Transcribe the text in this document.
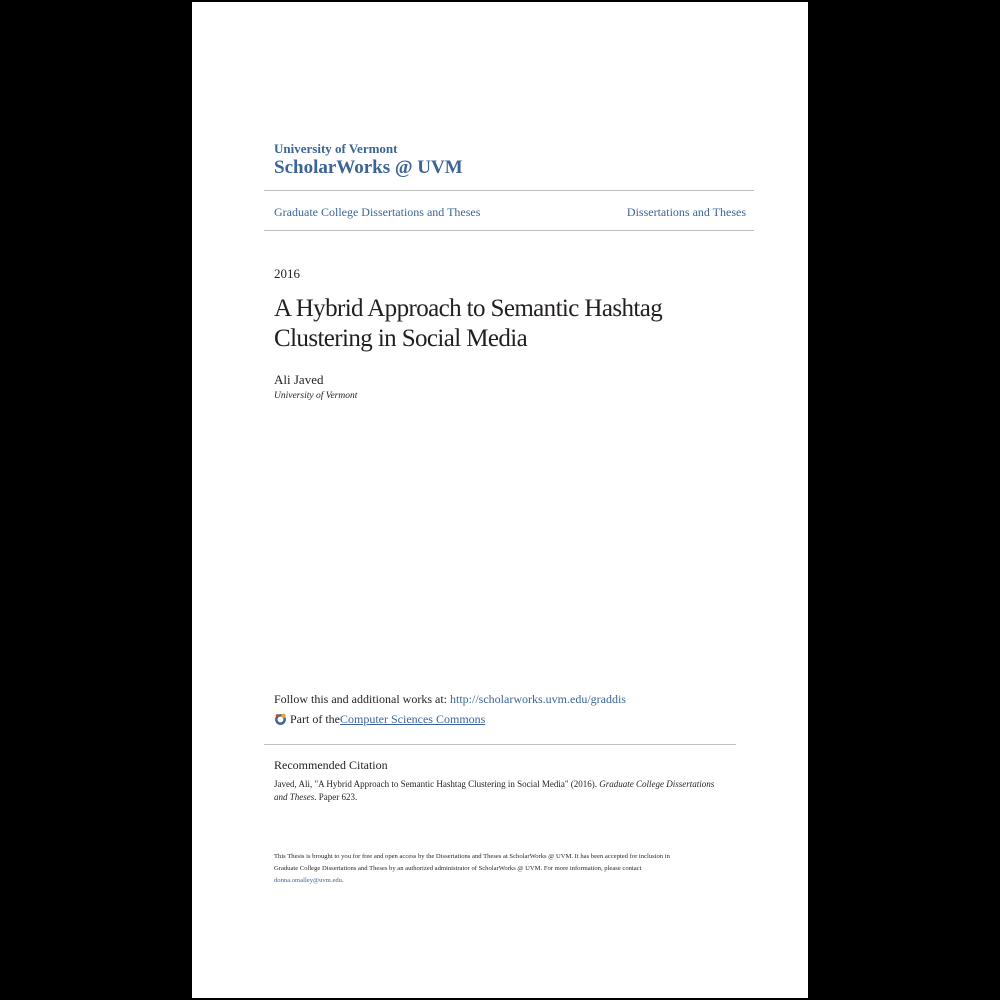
University of Vermont

ScholarWorks @ UVM

Graduate College Dissertations and Theses	Dissertations and Theses

2016

A Hybrid Approach to Semantic Hashtag
Clustering in Social Media

Ali Javed

University of Vermont

Follow this and additional works at: http://scholarworks.uvm.edu/graddis

Part of the Computer Sciences Commons

Recommended Citation

Javed, Ali, "A Hybrid Approach to Semantic Hashtag Clustering in Social Media" (2016). Graduate College Dissertations and Theses. Paper 623.

This Thesis is brought to you for free and open access by the Dissertations and Theses at ScholarWorks @ UVM. It has been accepted for inclusion in
Graduate College Dissertations and Theses by an authorized administrator of ScholarWorks @ UVM. For more information, please contact
donna.omalley@uvm.edu.
